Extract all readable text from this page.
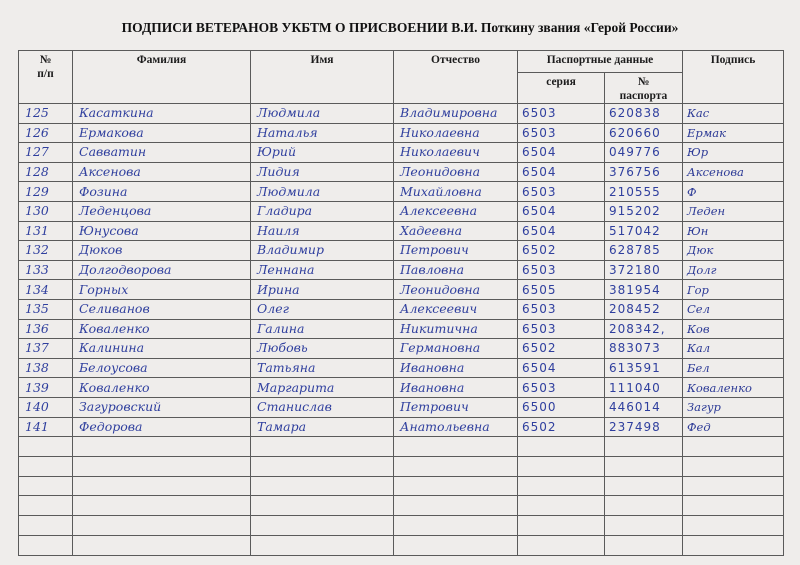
ПОДПИСИ ВЕТЕРАНОВ УКБТМ О ПРИСВОЕНИИ В.И. Поткину звания «Герой России»
№
п/п	Фамилия	Имя	Отчество	Паспортные данные		Подпись
				серия	№
паспорта	

125	Касаткина	Людмила	Владимировна	6503	620838	Кас
126	Ермакова	Наталья	Николаевна	6503	620660	Ермак
127	Савватин	Юрий	Николаевич	6504	049776	Юр
128	Аксенова	Лидия	Леонидовна	6504	376756	Аксенова
129	Фозина	Людмила	Михайловна	6503	210555	Ф
130	Леденцова	Гладира	Алексеевна	6504	915202	Леден
131	Юнусова	Наиля	Хадеевна	6504	517042	Юн
132	Дюков	Владимир	Петрович	6502	628785	Дюк
133	Долгодворова	Леннана	Павловна	6503	372180	Долг
134	Горных	Ирина	Леонидовна	6505	381954	Гор
135	Селиванов	Олег	Алексеевич	6503	208452	Сел
136	Коваленко	Галина	Никитична	6503	208342,	Ков
137	Калинина	Любовь	Германовна	6502	883073	Кал
138	Белоусова	Татьяна	Ивановна	6504	613591	Бел
139	Коваленко	Маргарита	Ивановна	6503	111040	Коваленко
140	Загуровский	Станислав	Петрович	6500	446014	Загур
141	Федорова	Тамара	Анатольевна	6502	237498	Фед
